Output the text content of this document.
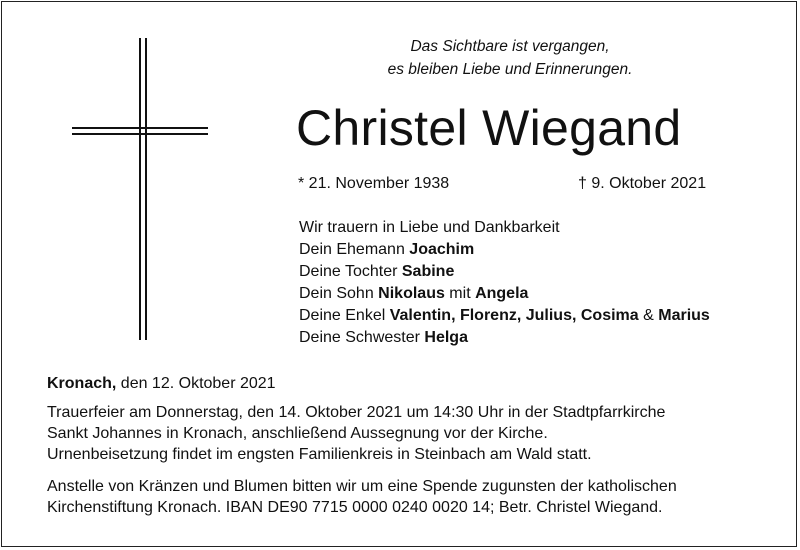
Das Sichtbare ist vergangen,
es bleiben Liebe und Erinnerungen.
Christel Wiegand
* 21. November 1938	† 9. Oktober 2021
Wir trauern in Liebe und Dankbarkeit
Dein Ehemann Joachim
Deine Tochter Sabine
Dein Sohn Nikolaus mit Angela
Deine Enkel Valentin, Florenz, Julius, Cosima & Marius
Deine Schwester Helga
Kronach, den 12. Oktober 2021
Trauerfeier am Donnerstag, den 14. Oktober 2021 um 14:30 Uhr in der Stadtpfarrkirche
Sankt Johannes in Kronach, anschließend Aussegnung vor der Kirche.
Urnenbeisetzung findet im engsten Familienkreis in Steinbach am Wald statt.
Anstelle von Kränzen und Blumen bitten wir um eine Spende zugunsten der katholischen
Kirchenstiftung Kronach. IBAN DE90 7715 0000 0240 0020 14; Betr. Christel Wiegand.
